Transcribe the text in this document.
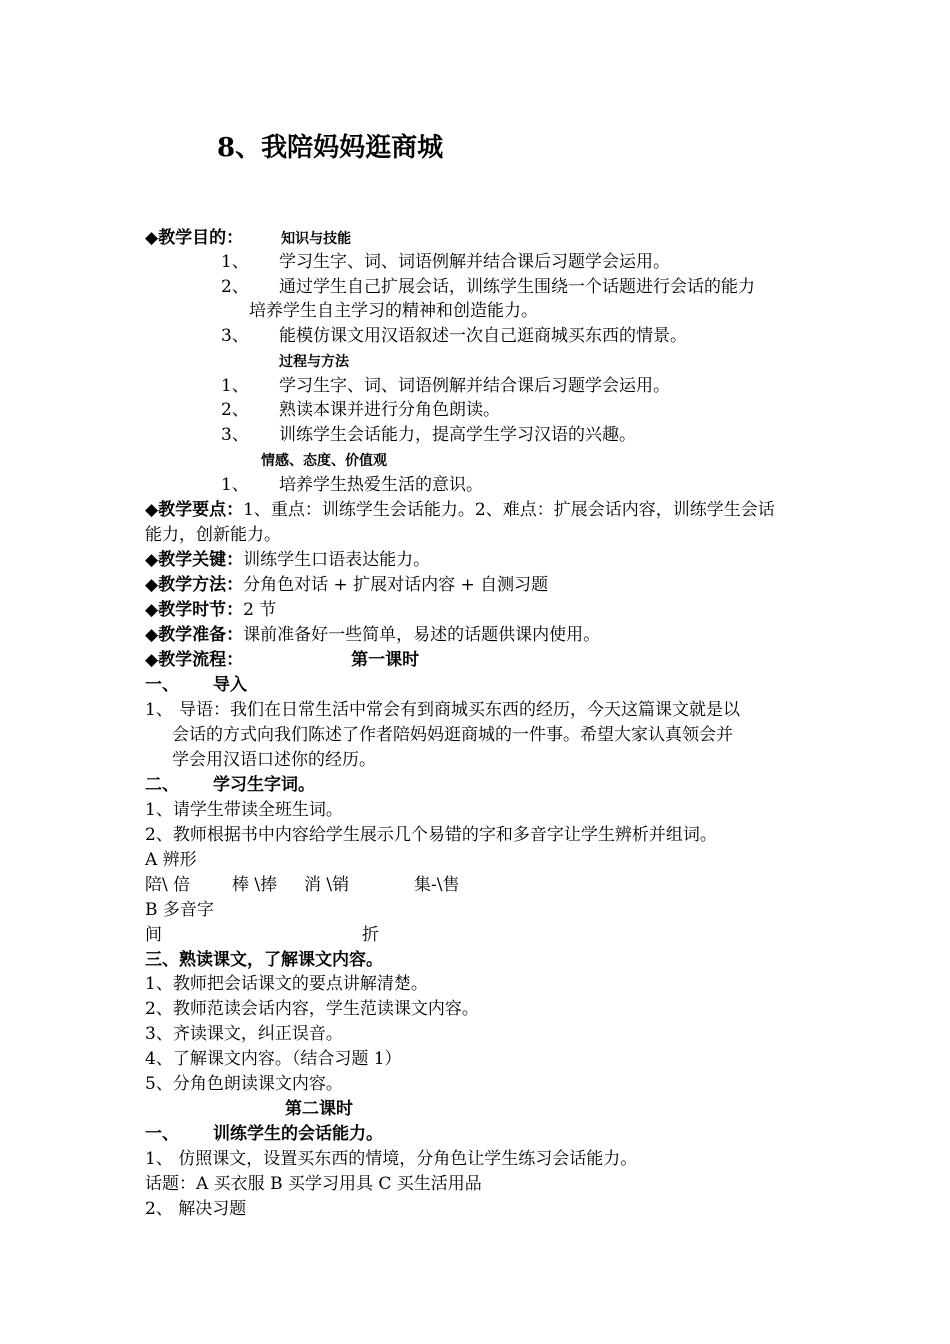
8、我陪妈妈逛商城
◆教学目的：	知识与技能
1、 学习生字、词、词语例解并结合课后习题学会运用。
2、 通过学生自己扩展会话，训练学生围绕一个话题进行会话的能力
培养学生自主学习的精神和创造能力。
3、 能模仿课文用汉语叙述一次自己逛商城买东西的情景。
过程与方法
1、 学习生字、词、词语例解并结合课后习题学会运用。
2、 熟读本课并进行分角色朗读。
3、 训练学生会话能力，提高学生学习汉语的兴趣。
情感、态度、价值观
1、 培养学生热爱生活的意识。
◆教学要点：1、重点：训练学生会话能力。2、难点：扩展会话内容，训练学生会话
能力，创新能力。
◆教学关键：训练学生口语表达能力。
◆教学方法：分角色对话 + 扩展对话内容 + 自测习题
◆教学时节：2 节
◆教学准备：课前准备好一些简单，易述的话题供课内使用。
◆教学流程：	第一课时
一、 导入
1、 导语：我们在日常生活中常会有到商城买东西的经历，今天这篇课文就是以
会话的方式向我们陈述了作者陪妈妈逛商城的一件事。希望大家认真领会并
学会用汉语口述你的经历。
二、 学习生字词。
1、请学生带读全班生词。
2、教师根据书中内容给学生展示几个易错的字和多音字让学生辨析并组词。
A 辨形
陪\ 倍 棒 \捧 消 \销	集-\售
B 多音字
间	折
三、熟读课文，了解课文内容。
1、教师把会话课文的要点讲解清楚。
2、教师范读会话内容，学生范读课文内容。
3、齐读课文，纠正误音。
4、了解课文内容。（结合习题 1）
5、分角色朗读课文内容。
第二课时
一、 训练学生的会话能力。
1、 仿照课文，设置买东西的情境，分角色让学生练习会话能力。
话题：A 买衣服 B 买学习用具 C 买生活用品
2、 解决习题
